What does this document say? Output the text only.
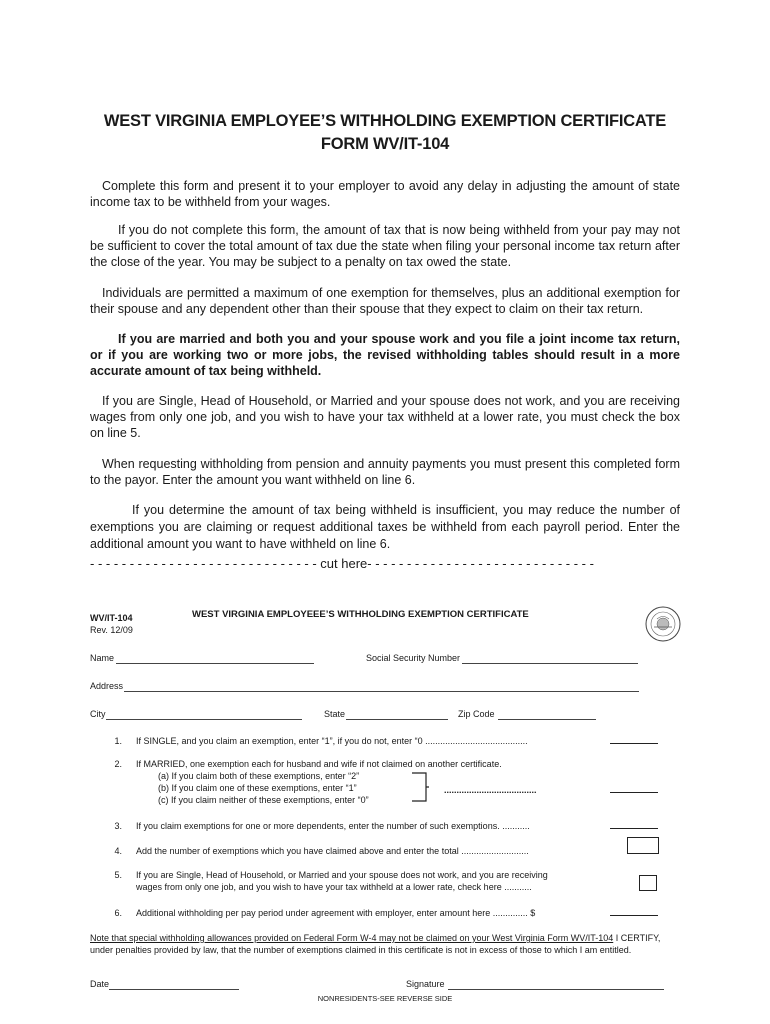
WEST VIRGINIA EMPLOYEE’S WITHHOLDING EXEMPTION CERTIFICATE
FORM WV/IT-104
Complete this form and present it to your employer to avoid any delay in adjusting the amount of state income tax to be withheld from your wages.
If you do not complete this form, the amount of tax that is now being withheld from your pay may not be sufficient to cover the total amount of tax due the state when filing your personal income tax return after the close of the year. You may be subject to a penalty on tax owed the state.
Individuals are permitted a maximum of one exemption for themselves, plus an additional exemption for their spouse and any dependent other than their spouse that they expect to claim on their tax return.
If you are married and both you and your spouse work and you file a joint income tax return, or if you are working two or more jobs, the revised withholding tables should result in a more accurate amount of tax being withheld.
If you are Single, Head of Household, or Married and your spouse does not work, and you are receiving wages from only one job, and you wish to have your tax withheld at a lower rate, you must check the box on line 5.
When requesting withholding from pension and annuity payments you must present this completed form to the payor. Enter the amount you want withheld on line 6.
If you determine the amount of tax being withheld is insufficient, you may reduce the number of exemptions you are claiming or request additional taxes be withheld from each payroll period. Enter the additional amount you want to have withheld on line 6.
- - - - - - - - - - - - - - - - - - - - - - - - - - - - - cut here- - - - - - - - - - - - - - - - - - - - - - - - - - - - -
WV/IT-104
Rev. 12/09
WEST VIRGINIA EMPLOYEEE’S WITHHOLDING EXEMPTION CERTIFICATE
Name	Social Security Number
Address
City	State	Zip Code
1. If SINGLE, and you claim an exemption, enter “1”, if you do not, enter “0 .........................................
2. If MARRIED, one exemption each for husband and wife if not claimed on another certificate.
(a) If you claim both of these exemptions, enter “2”
(b) If you claim one of these exemptions, enter “1”
(c) If you claim neither of these exemptions, enter “0”
.....................................
3. If you claim exemptions for one or more dependents, enter the number of such exemptions. ...........
4. Add the number of exemptions which you have claimed above and enter the total ...........................
5. If you are Single, Head of Household, or Married and your spouse does not work, and you are receiving
wages from only one job, and you wish to have your tax withheld at a lower rate, check here ...........
6. Additional withholding per pay period under agreement with employer, enter amount here .............. $
Note that special withholding allowances provided on Federal Form W-4 may not be claimed on your West Virginia Form WV/IT-104 I CERTIFY, under penalties provided by law, that the number of exemptions claimed in this certificate is not in excess of those to which I am entitled.
Date	Signature
NONRESIDENTS-SEE REVERSE SIDE
